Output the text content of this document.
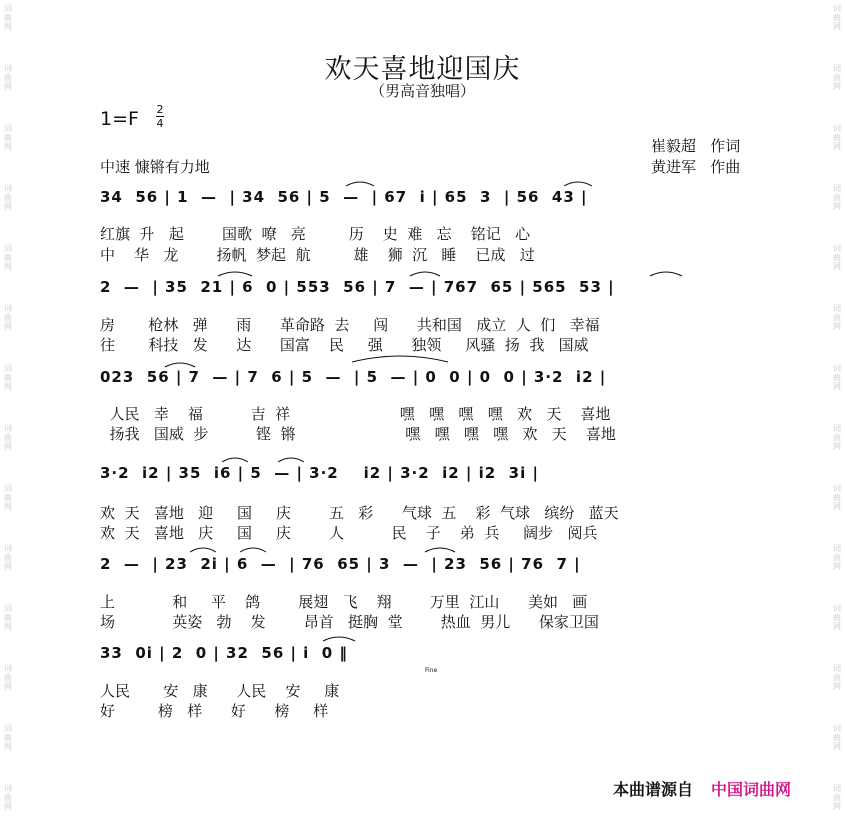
词
曲
网
词
曲
网
词
曲
网
词
曲
网
词
曲
网
词
曲
网
词
曲
网
词
曲
网
词
曲
网
词
曲
网
词
曲
网
词
曲
网
词
曲
网
词
曲
网
词
曲
网
词
曲
网
词
曲
网
词
曲
网
词
曲
网
词
曲
网
词
曲
网
词
曲
网
词
曲
网
词
曲
网
词
曲
网
词
曲
网
词
曲
网
词
曲
网
欢天喜地迎国庆
（男高音独唱）
1=F 2
4
崔毅超   作词
黄进军   作曲
中速 慷锵有力地
34  56 | 1  —  | 34  56 | 5  —  | 67  i | 65  3  | 56  43 |
红旗  升   起        国歌  嘹   亮         历    史  难   忘    铭记   心
中    华   龙        扬帆  梦起  航         雄    狮  沉   睡    已成   过
2  —  | 35  21 | 6  0 | 553  56 | 7  — | 767  65 | 565  53 |
房       枪林   弹      雨      革命路  去     闯      共和国   成立  人  们   幸福
往       科技   发      达      国富    民     强      独领     风骚  扬  我   国威
023  56 | 7  — | 7  6 | 5  —  | 5  — | 0  0 | 0  0 | 3·2  i2 |
人民   幸    福          吉  祥                       嘿   嘿   嘿   嘿   欢   天    喜地
扬我   国威  步          铿  锵                       嘿   嘿   嘿   嘿   欢   天    喜地
3·2  i2 | 35  i6 | 5  — | 3·2    i2 | 3·2  i2 | i2  3i |
欢  天   喜地   迎     国     庆        五   彩      气球  五    彩  气球   缤纷   蓝天
欢  天   喜地   庆     国     庆        人          民    子    弟  兵     阔步   阅兵
2  —  | 23  2i | 6  —  | 76  65 | 3  —  | 23  56 | 76  7 |
上            和     平    鸽        展翅   飞    翔        万里  江山      美如   画
场            英姿   勃    发        昂首   挺胸  堂        热血  男儿      保家卫国
33  0i | 2  0 | 32  56 | i  0 ‖
Fine
人民       安   康      人民    安     康
好         榜   样      好      榜     样
本曲谱源自 中国词曲网
